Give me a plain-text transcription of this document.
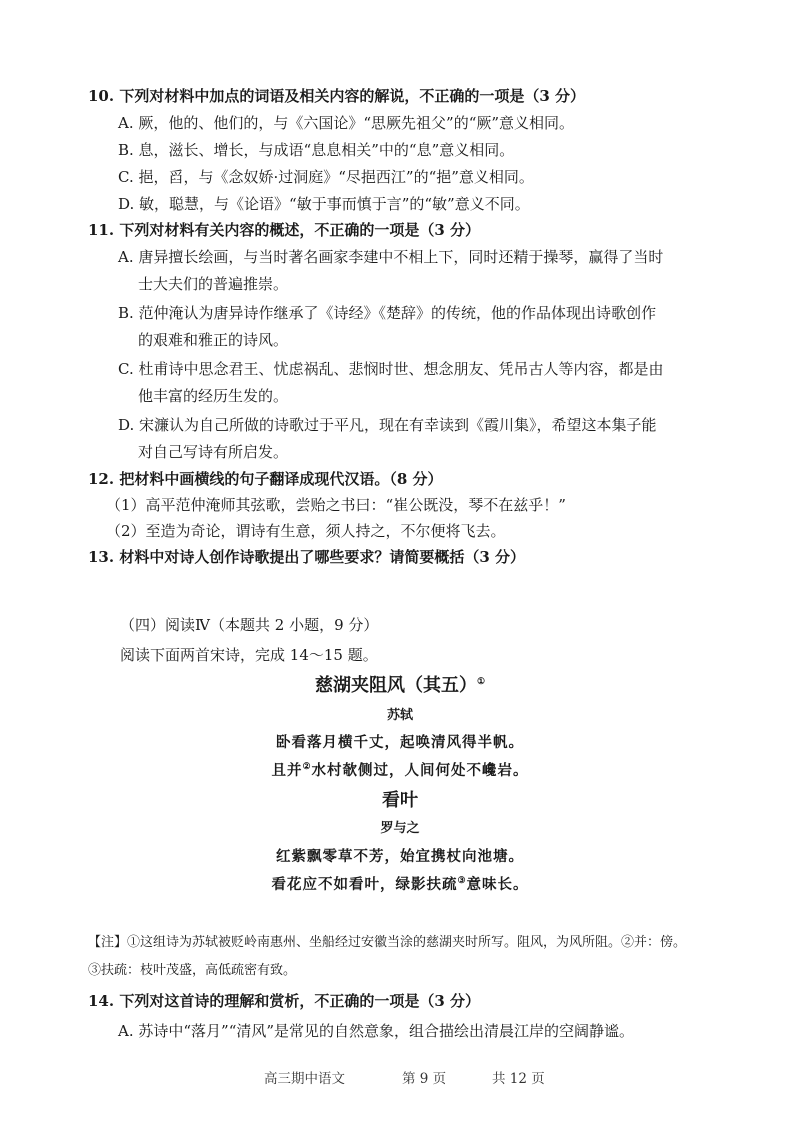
10. 下列对材料中加点的词语及相关内容的解说，不正确的一项是（3 分）
A. 厥，他的、他们的，与《六国论》“思厥先祖父”的“厥”意义相同。
B. 息，滋长、增长，与成语“息息相关”中的“息”意义相同。
C. 挹，舀，与《念奴娇·过洞庭》“尽挹西江”的“挹”意义相同。
D. 敏，聪慧，与《论语》“敏于事而慎于言”的“敏”意义不同。
11. 下列对材料有关内容的概述，不正确的一项是（3 分）
A. 唐异擅长绘画，与当时著名画家李建中不相上下，同时还精于操琴，赢得了当时
士大夫们的普遍推崇。
B. 范仲淹认为唐异诗作继承了《诗经》《楚辞》的传统，他的作品体现出诗歌创作
的艰难和雅正的诗风。
C. 杜甫诗中思念君王、忧虑祸乱、悲悯时世、想念朋友、凭吊古人等内容，都是由
他丰富的经历生发的。
D. 宋濂认为自己所做的诗歌过于平凡，现在有幸读到《霞川集》，希望这本集子能
对自己写诗有所启发。
12. 把材料中画横线的句子翻译成现代汉语。（8 分）
（1）高平范仲淹师其弦歌，尝贻之书曰：“崔公既没，琴不在兹乎！”
（2）至造为奇论，谓诗有生意，须人持之，不尔便将飞去。
13. 材料中对诗人创作诗歌提出了哪些要求？请简要概括（3 分）
（四）阅读Ⅳ（本题共 2 小题，9 分）
阅读下面两首宋诗，完成 14～15 题。
慈湖夹阻风（其五）①
苏轼
卧看落月横千丈，起唤清风得半帆。
且并②水村欹侧过，人间何处不巉岩。
看叶
罗与之
红紫飘零草不芳，始宜携杖向池塘。
看花应不如看叶，绿影扶疏③意味长。
【注】①这组诗为苏轼被贬岭南惠州、坐船经过安徽当涂的慈湖夹时所写。阻风，为风所阻。②并：傍。
③扶疏：枝叶茂盛，高低疏密有致。
14. 下列对这首诗的理解和赏析，不正确的一项是（3 分）
A. 苏诗中“落月”“清风”是常见的自然意象，组合描绘出清晨江岸的空阔静谧。
高三期中语文	第 9 页	共 12 页
